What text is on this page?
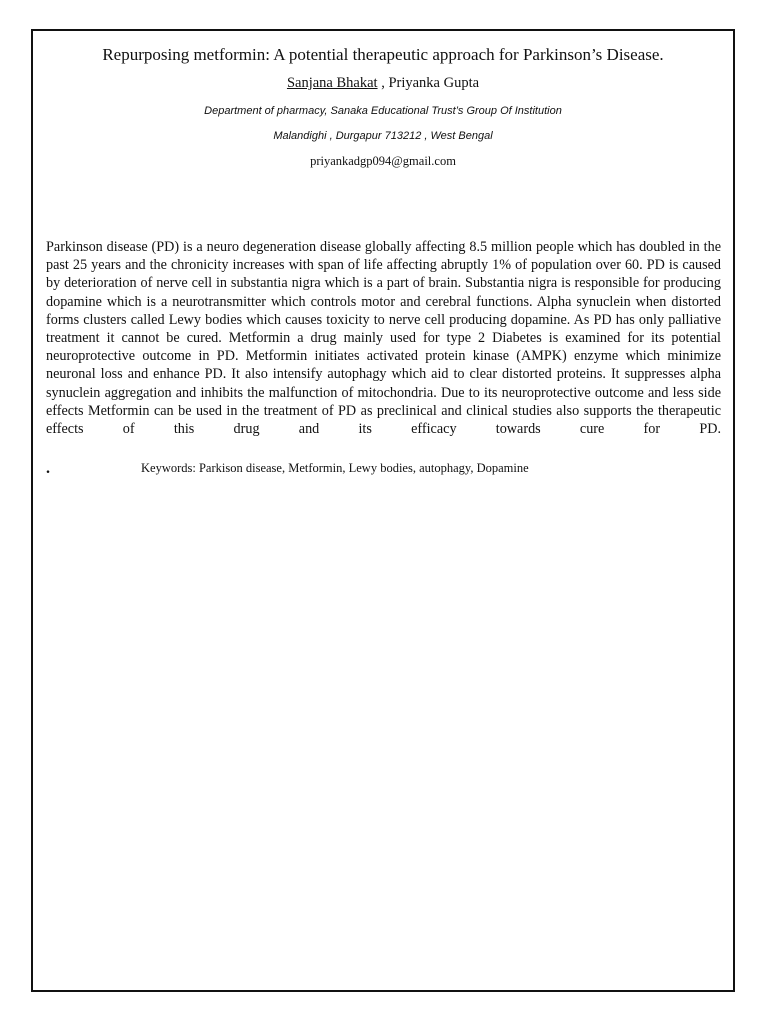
Repurposing metformin: A potential therapeutic approach for Parkinson’s Disease.
Sanjana Bhakat , Priyanka Gupta
Department of pharmacy, Sanaka Educational Trust’s Group Of Institution
Malandighi , Durgapur 713212 , West Bengal
priyankadgp094@gmail.com

Parkinson disease (PD) is a neuro degeneration disease globally affecting 8.5 million people which has doubled in the past 25 years and the chronicity increases with span of life affecting abruptly 1% of population over 60. PD is caused by deterioration of nerve cell in substantia nigra which is a part of brain. Substantia nigra is responsible for producing dopamine which is a neurotransmitter which controls motor and cerebral functions. Alpha synuclein when distorted forms clusters called Lewy bodies which causes toxicity to nerve cell producing dopamine. As PD has only palliative treatment it cannot be cured. Metformin a drug mainly used for type 2 Diabetes is examined for its potential neuroprotective outcome in PD. Metformin initiates activated protein kinase (AMPK) enzyme which minimize neuronal loss and enhance PD. It also intensify autophagy which aid to clear distorted proteins. It suppresses alpha synuclein aggregation and inhibits the malfunction of mitochondria. Due to its neuroprotective outcome and less side effects Metformin can be used in the treatment of PD as preclinical and clinical studies also supports the therapeutic effects of this drug and its efficacy towards cure for PD.

.	Keywords: Parkison disease, Metformin, Lewy bodies, autophagy, Dopamine
